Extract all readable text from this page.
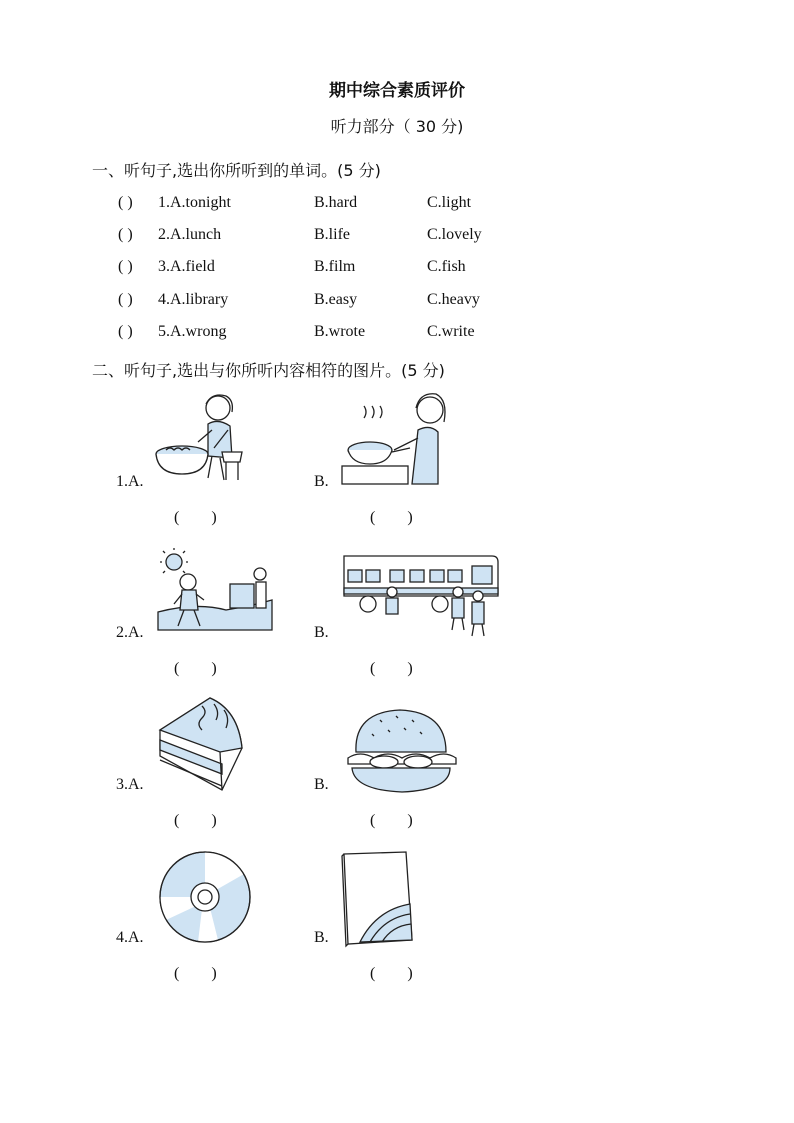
期中综合素质评价
听力部分（ 30 分)
一、听句子,选出你所听到的单词。(5 分)
( ) 1.A.tonight	B.hard	C.light
( ) 2.A.lunch	B.life	C.lovely
( ) 3.A.field	B.film	C.fish
( ) 4.A.library	B.easy	C.heavy
( ) 5.A.wrong	B.wrote	C.write
二、听句子,选出与你所听内容相符的图片。(5 分)
1.A.	B.
(        )	(        )
2.A.	B.
(        )	(        )
3.A.	B.
(        )	(        )
4.A.	B.
(        )	(        )
